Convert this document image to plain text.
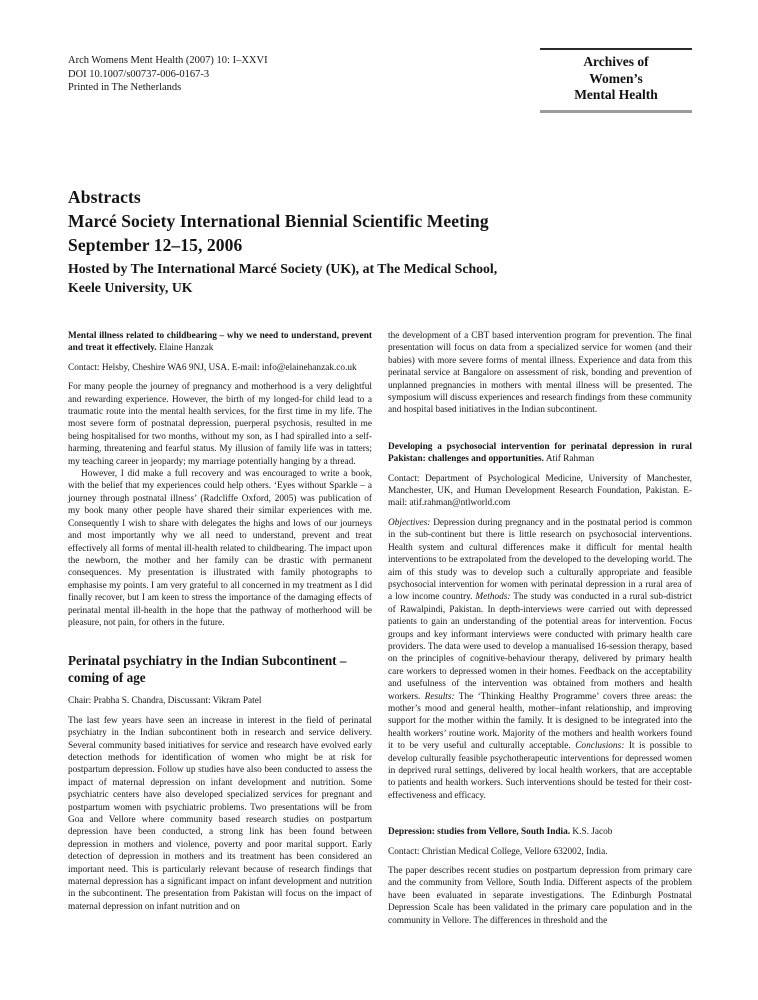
Arch Womens Ment Health (2007) 10: I–XXVI
DOI 10.1007/s00737-006-0167-3
Printed in The Netherlands
Archives of
Women’s
Mental Health
Abstracts
Marcé Society International Biennial Scientific Meeting
September 12–15, 2006
Hosted by The International Marcé Society (UK), at The Medical School,
Keele University, UK
Mental illness related to childbearing – why we need to understand, prevent and treat it effectively. Elaine Hanzak
Contact: Helsby, Cheshire WA6 9NJ, USA. E-mail: info@elainehanzak.co.uk

For many people the journey of pregnancy and motherhood is a very delightful and rewarding experience. However, the birth of my longed-for child lead to a traumatic route into the mental health services, for the first time in my life. The most severe form of postnatal depression, puerperal psychosis, resulted in me being hospitalised for two months, without my son, as I had spiralled into a self-harming, threatening and fearful status. My illusion of family life was in tatters; my teaching career in jeopardy; my marriage potentially hanging by a thread.

However, I did make a full recovery and was encouraged to write a book, with the belief that my experiences could help others. ‘Eyes without Sparkle – a journey through postnatal illness’ (Radcliffe Oxford, 2005) was publication of my book many other people have shared their similar experiences with me. Consequently I wish to share with delegates the highs and lows of our journeys and most importantly why we all need to understand, prevent and treat effectively all forms of mental ill-health related to childbearing. The impact upon the newborn, the mother and her family can be drastic with permanent consequences. My presentation is illustrated with family photographs to emphasise my points. I am very grateful to all concerned in my treatment as I did finally recover, but I am keen to stress the importance of the damaging effects of perinatal mental ill-health in the hope that the pathway of motherhood will be pleasure, not pain, for others in the future.

Perinatal psychiatry in the Indian Subcontinent – coming of age
Chair: Prabha S. Chandra, Discussant: Vikram Patel

The last few years have seen an increase in interest in the field of perinatal psychiatry in the Indian subcontinent both in research and service delivery. Several community based initiatives for service and research have evolved early detection methods for identification of women who might be at risk for postpartum depression. Follow up studies have also been conducted to assess the impact of maternal depression on infant development and nutrition. Some psychiatric centers have also developed specialized services for pregnant and postpartum women with psychiatric problems. Two presentations will be from Goa and Vellore where community based research studies on postpartum depression have been conducted, a strong link has been found between depression in mothers and violence, poverty and poor marital support. Early detection of depression in mothers and its treatment has been considered an important need. This is particularly relevant because of research findings that maternal depression has a significant impact on infant development and nutrition in the subcontinent. The presentation from Pakistan will focus on the impact of maternal depression on infant nutrition and on

the development of a CBT based intervention program for prevention. The final presentation will focus on data from a specialized service for women (and their babies) with more severe forms of mental illness. Experience and data from this perinatal service at Bangalore on assessment of risk, bonding and prevention of unplanned pregnancies in mothers with mental illness will be presented. The symposium will discuss experiences and research findings from these community and hospital based initiatives in the Indian subcontinent.

Developing a psychosocial intervention for perinatal depression in rural Pakistan: challenges and opportunities. Atif Rahman
Contact: Department of Psychological Medicine, University of Manchester, Manchester, UK, and Human Development Research Foundation, Pakistan. E-mail: atif.rahman@ntlworld.com

Objectives: Depression during pregnancy and in the postnatal period is common in the sub-continent but there is little research on psychosocial interventions. Health system and cultural differences make it difficult for mental health interventions to be extrapolated from the developed to the developing world. The aim of this study was to develop such a culturally appropriate and feasible psychosocial intervention for women with perinatal depression in a rural area of a low income country. Methods: The study was conducted in a rural sub-district of Rawalpindi, Pakistan. In depth-interviews were carried out with depressed patients to gain an understanding of the potential areas for intervention. Focus groups and key informant interviews were conducted with primary health care providers. The data were used to develop a manualised 16-session therapy, based on the principles of cognitive-behaviour therapy, delivered by primary health care workers to depressed women in their homes. Feedback on the acceptability and usefulness of the intervention was obtained from mothers and health workers. Results: The ‘Thinking Healthy Programme’ covers three areas: the mother’s mood and general health, mother–infant relationship, and improving support for the mother within the family. It is designed to be integrated into the health workers’ routine work. Majority of the mothers and health workers found it to be very useful and culturally acceptable. Conclusions: It is possible to develop culturally feasible psychotherapeutic interventions for depressed women in deprived rural settings, delivered by local health workers, that are acceptable to patients and health workers. Such interventions should be tested for their cost-effectiveness and efficacy.

Depression: studies from Vellore, South India. K.S. Jacob
Contact: Christian Medical College, Vellore 632002, India.

The paper describes recent studies on postpartum depression from primary care and the community from Vellore, South India. Different aspects of the problem have been evaluated in separate investigations. The Edinburgh Postnatal Depression Scale has been validated in the primary care population and in the community in Vellore. The differences in threshold and the
